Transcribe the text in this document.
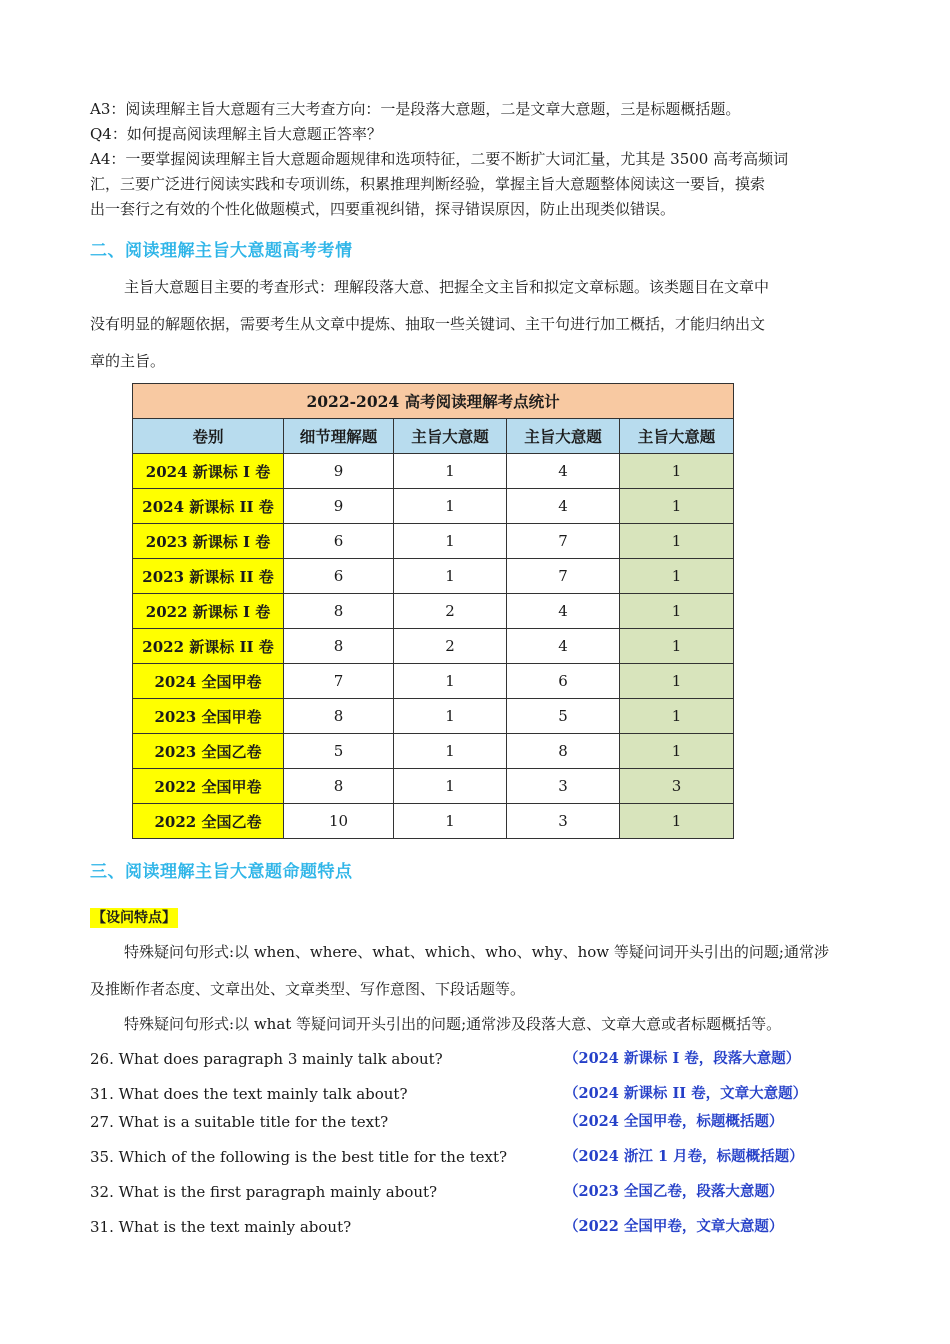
A3：阅读理解主旨大意题有三大考查方向：一是段落大意题，二是文章大意题，三是标题概括题。

Q4：如何提高阅读理解主旨大意题正答率？

A4：一要掌握阅读理解主旨大意题命题规律和选项特征，二要不断扩大词汇量，尤其是 3500 高考高频词

汇，三要广泛进行阅读实践和专项训练，积累推理判断经验，掌握主旨大意题整体阅读这一要旨，摸索

出一套行之有效的个性化做题模式，四要重视纠错，探寻错误原因，防止出现类似错误。

二、阅读理解主旨大意题高考考情
主旨大意题目主要的考查形式：理解段落大意、把握全文主旨和拟定文章标题。该类题目在文章中
没有明显的解题依据，需要考生从文章中提炼、抽取一些关键词、主干句进行加工概括，才能归纳出文
章的主旨。
2022-2024 高考阅读理解考点统计				
卷别	细节理解题	主旨大意题	主旨大意题	主旨大意题
2024 新课标 I 卷	9	1	4	1
2024 新课标 II 卷	9	1	4	1
2023 新课标 I 卷	6	1	7	1
2023 新课标 II 卷	6	1	7	1
2022 新课标 I 卷	8	2	4	1
2022 新课标 II 卷	8	2	4	1
2024 全国甲卷	7	1	6	1
2023 全国甲卷	8	1	5	1
2023 全国乙卷	5	1	8	1
2022 全国甲卷	8	1	3	3
2022 全国乙卷	10	1	3	1
三、阅读理解主旨大意题命题特点
【设问特点】
特殊疑问句形式:以 when、where、what、which、who、why、how 等疑问词开头引出的问题;通常涉
及推断作者态度、文章出处、文章类型、写作意图、下段话题等。
特殊疑问句形式:以 what 等疑问词开头引出的问题;通常涉及段落大意、文章大意或者标题概括等。
26. What does paragraph 3 mainly talk about?	（2024 新课标 I 卷，段落大意题）
31. What does the text mainly talk about?	（2024 新课标 II 卷，文章大意题）
27. What is a suitable title for the text?	（2024 全国甲卷，标题概括题）
35. Which of the following is the best title for the text?	（2024 浙江 1 月卷，标题概括题）
32. What is the first paragraph mainly about?	（2023 全国乙卷，段落大意题）
31. What is the text mainly about?	（2022 全国甲卷，文章大意题）
